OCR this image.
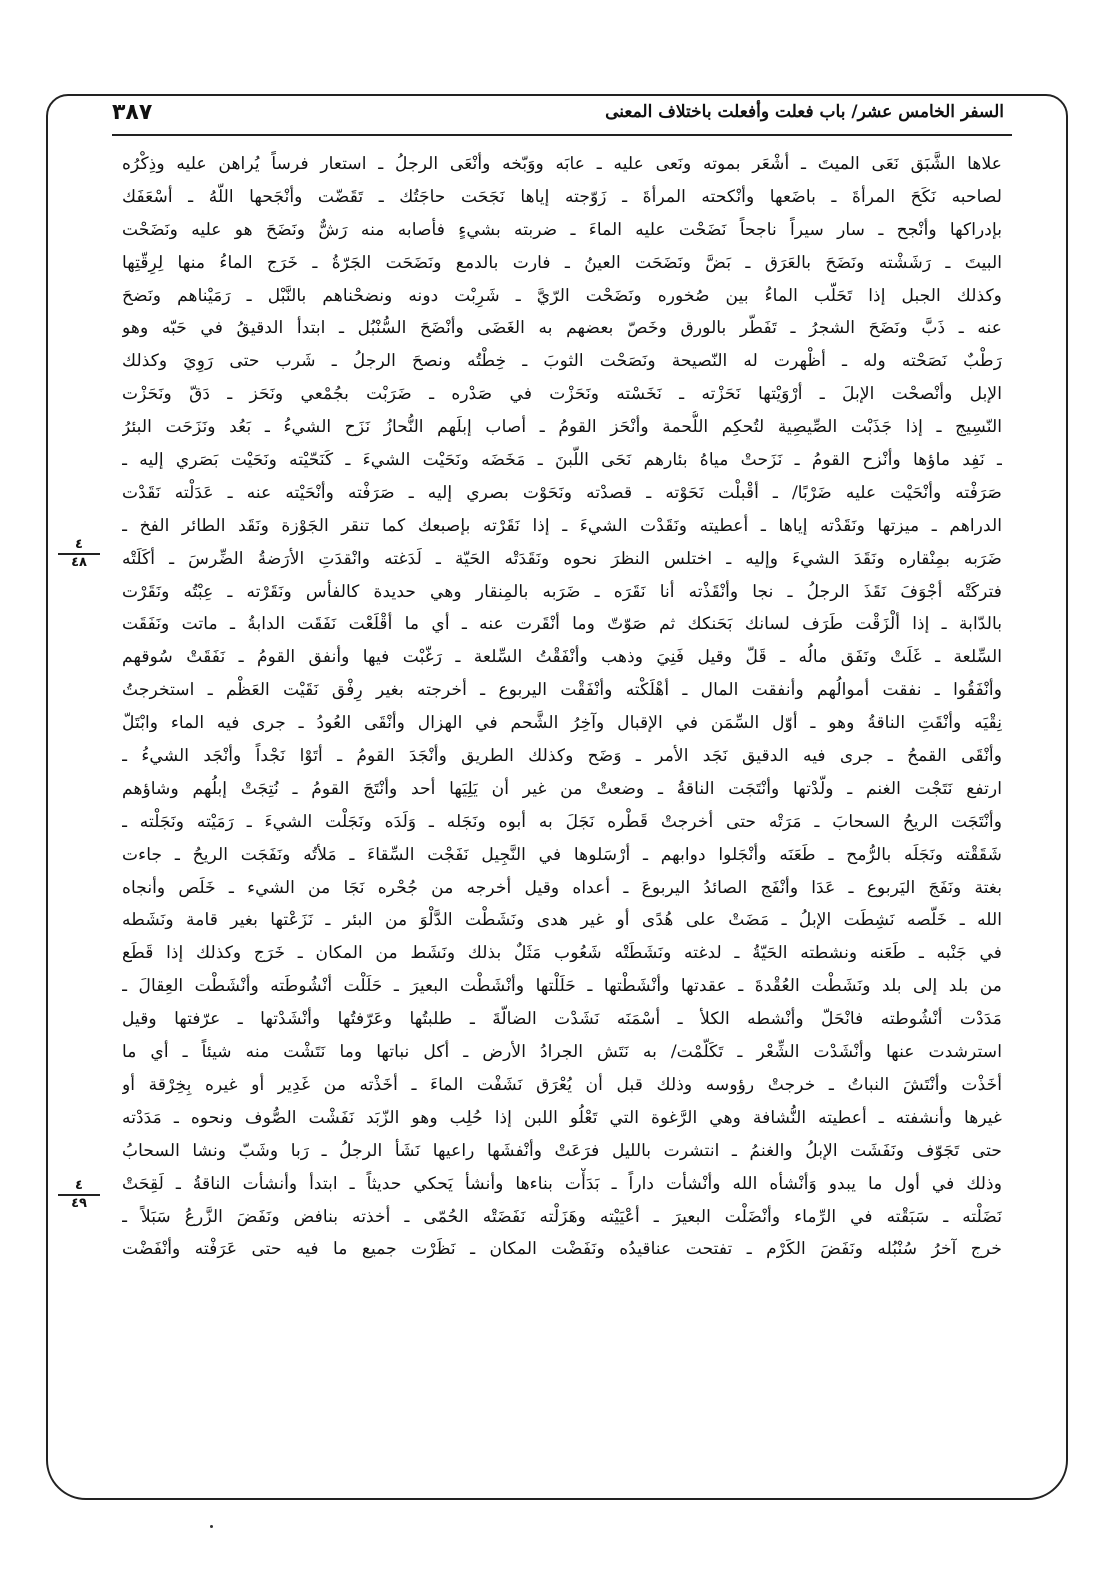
٣٨٧	السفر الخامس عشر/ باب فعلت وأفعلت باختلاف المعنى
٤
٤٨
٤
٤٩
علاها الشَّبَق نَعَى الميتَ ـ أشْعَر بموته ونَعى عليه ـ عابَه ووَبّخه وأنْعَى الرجلُ ـ استعار فرساً يُراهن عليه وذِكْرُه
لصاحبه نَكَحَ المرأةَ ـ باضَعها وأنْكحته المرأةَ ـ زَوّجته إياها نَجَحَت حاجَتُك ـ تَقَضّت وأنْجَحها اللّهُ ـ أسْعَفَك
بإدراكها وأنْجح ـ سار سيراً ناجحاً نَضَحْت عليه الماءَ ـ ضربته بشيءٍ فأصابه منه رَشٌّ ونَضَحَ هو عليه ونَضَحْت
البيتَ ـ رَشَشْته ونَضَحَ بالعَرَق ـ بَضَّ ونَضَحَت العينُ ـ فارت بالدمع ونَضَحَت الجَرّةُ ـ خَرَج الماءُ منها لِرِقّتِها
وكذلك الجبل إذا تَحَلّب الماءُ بين صُخوره ونَضَحْت الرّيَّ ـ شَرِبْت دونه ونضحْناهم بالنَّبْل ـ رَمَيْناهم ونَضحَ
عنه ـ ذَبَّ ونَضَحَ الشجرُ ـ تَفَطّر بالورق وخَصّ بعضهم به الغَضَى وأنْضَحَ السُّنْبُل ـ ابتدأ الدقيقُ في حَبّه وهو
رَطْبٌ نَصَحْته وله ـ أظْهرت له النّصيحة ونَصَحْت الثوبَ ـ خِطْتُه ونصحَ الرجلُ ـ شَرب حتى رَوِيَ وكذلك
الإبل وأنْصحْت الإبلَ ـ أرْوَيْتها نَحَزْته ـ نَخَسْته ونَحَزْت في صَدْره ـ ضَرَبْت بجُمْعي ونَحَز ـ دَقّ ونَحَزْت
النّسِيج ـ إذا جَذَبْت الصِّيصِية لتُحكِم اللُّحمة وأنْحَز القومُ ـ أصاب إبلَهم النُّحازُ نَزَح الشيءُ ـ بَعُد ونَزَحَت البئرُ
ـ نَفِد ماؤها وأنْزح القومُ ـ نَزَحتْ مياهُ بئارهم نَحَى اللّبنَ ـ مَخَضَه ونَحَيْت الشيءَ ـ كَنَحّيْته ونَحَيْت بَصَري إليه ـ
صَرَفْته وأنْحَيْت عليه ضَرْبًا/ ـ أقْبلْت نَحَوْته ـ قصدْته ونَحَوْت بصري إليه ـ صَرَفْته وأنْحَيْته عنه ـ عَدَلْته نَقَدْت
الدراهم ـ ميزتها ونَقَدْته إياها ـ أعطيته ونَقَدْت الشيءَ ـ إذا نَقَرْته بإصبعك كما تنقر الجَوْزة ونَقَد الطائر الفخ ـ
ضَرَبه بمِنْقاره ونَقَدَ الشيءَ وإليه ـ اختلس النظرَ نحوه ونَقَدَتْه الحَيّة ـ لَدَغته وانْقدَتِ الأرَضةُ الضِّرسَ ـ أكَلَتْه
فتركَتْه أجْوَفَ نَقَذَ الرجلُ ـ نجا وأنْقَذْته أنا نَقَرَه ـ ضَرَبه بالمِنقار وهي حديدة كالفأس ونَقَرْته ـ عِبْتُه ونَقَرْت
بالدّابة ـ إذا ألْزَقْت طَرَف لسانك بَحَنكك ثم صَوّتّ وما أنْقَرت عنه ـ أي ما أقْلَعْت نَفَقَت الدابةُ ـ ماتت ونَفَقَت
السِّلعة ـ غَلَتْ ونَفَق مالُه ـ قَلّ وقيل فَنِيَ وذهب وأنْفَقْتُ السِّلعة ـ رَغّبْت فيها وأنفق القومُ ـ نَفَقَتْ سُوقهم
وأنْفَقُوا ـ نفقت أموالُهم وأنفقت المال ـ أهْلَكْته وأنْفَقْت اليربوع ـ أخرجته بغير رِفْق نَقَيْت العَظْم ـ استخرجتُ
نِقْيَه وأنْقَتِ الناقةُ وهو ـ أوّل السِّمَن في الإقبال وآخِرُ الشَّحم في الهزال وأنْقَى العُودُ ـ جرى فيه الماء وابْتَلّ
وأنْقَى القمحُ ـ جرى فيه الدقيق نَجَد الأمر ـ وَضَح وكذلك الطريق وأنْجَدَ القومُ ـ أتَوْا نَجْداً وأنْجَد الشيءُ ـ
ارتفع نَتَجْت الغنم ـ ولّدْتها وأنْتَجَت الناقةُ ـ وضعتْ من غير أن يَلِيَها أحد وأنْتَجَ القومُ ـ نُتِجَتْ إبلُهم وشاؤهم
وأنْتَجَت الريحُ السحابَ ـ مَرَتْه حتى أخرجتْ قَطْره نَجَلَ به أبوه ونَجَله ـ وَلَدَه ونَجَلْت الشيءَ ـ رَمَيْته ونَجَلْته ـ
شَقَقْته ونَجَلَه بالرُّمح ـ طَعَنَه وأنْجَلوا دوابهم ـ أرْسَلوها في النَّجِيل نَفَجْت السِّقاءَ ـ مَلأتُه ونَفَجَت الريحُ ـ جاءت
بغتة ونَفَجَ اليَربوع ـ عَدَا وأنْفَج الصائدُ اليربوعَ ـ أعداه وقيل أخرجه من جُحْره نَجَا من الشيء ـ خَلَص وأنجاه
الله ـ خَلّصه نَشِطَت الإبلُ ـ مَضَتْ على هُدًى أو غير هدى ونَشَطْت الدَّلْوَ من البئر ـ نَزَعْتها بغير قامة ونَشَطه
في جَنْبه ـ طَعَنه ونشطته الحَيّةُ ـ لدغته ونَشَطَتْه شَعُوب مَثَلٌ بذلك ونَشَط من المكان ـ خَرَج وكذلك إذا قَطَع
من بلد إلى بلد ونَشَطْت العُقْدةَ ـ عقدتها وأنْشَطْتها ـ حَلَلْتها وأنْشَطْت البعيرَ ـ حَلَلْت أنْشُوطَته وأنْشَطْت العِقالَ ـ
مَدَدْت أنْشُوطته فانْحَلّ وأنْشطه الكلأ ـ أسْمَنَه نَشَدْت الضالّةَ ـ طلبتُها وعَرّفتُها وأنْشَدْتها ـ عرّفتها وقيل
استرشدت عنها وأنْشَدْت الشِّعْر ـ تَكَلّمْت/ به نَتَش الجرادُ الأرض ـ أكل نباتها وما نَتَشْت منه شيئاً ـ أي ما
أخَذْت وأنْتَشَ النباتُ ـ خرجتْ رؤوسه وذلك قبل أن يُعْرَق نَشَفْت الماءَ ـ أخَذْته من غَدِير أو غيره بِخِرْقة أو
غيرها وأنشفته ـ أعطيته النُّشافة وهي الرَّغوة التي تَعْلُو اللبن إذا حُلِب وهو الزّبَد نَفَشْت الصُّوف ونحوه ـ مَدَدْته
حتى تَجَوّف ونَفَشَت الإبلُ والغنمُ ـ انتشرت بالليل فرَعَتْ وأنْفشَها راعيها نَشَأ الرجلُ ـ رَبا وشَبّ ونشا السحابُ
وذلك في أول ما يبدو وَأنْشأه الله وأنْشأت داراً ـ بَدَأْت بناءها وأنشأ يَحكي حديثاً ـ ابتدأ وأنشأت الناقةُ ـ لَقِحَتْ
نَضَلْته ـ سَبَقْته في الرِّماء وأنْضَلْت البعيرَ ـ أعْيَيْته وهَزَلْته نَفَضَتْه الحُمّى ـ أخذته بنافض ونَفَضَ الزَّرعُ سَبَلاً ـ
خرج آخرُ سُنْبُله ونَفَضَ الكَرْم ـ تفتحت عناقيدُه ونَفَضْت المكان ـ نَظَرْت جميع ما فيه حتى عَرَفْته وأنْفَضْت
